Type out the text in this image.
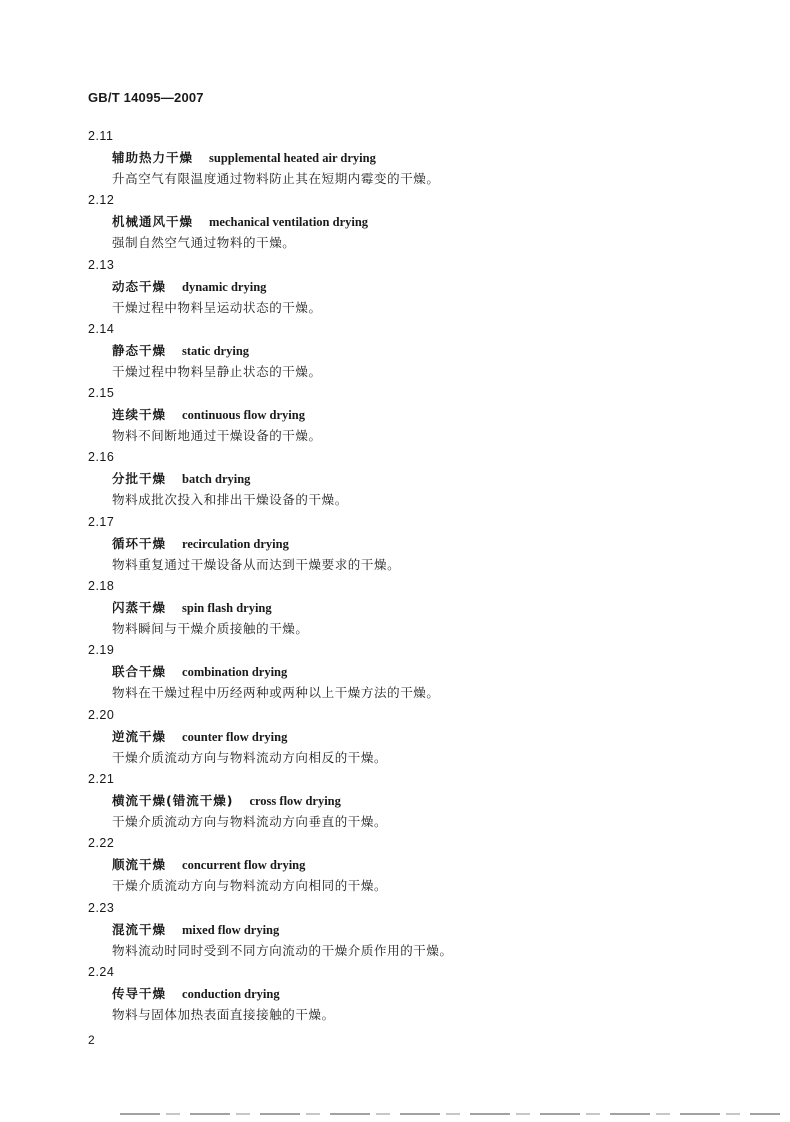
GB/T 14095—2007
2.11
辅助热力干燥 supplemental heated air drying
升高空气有限温度通过物料防止其在短期内霉变的干燥。
2.12
机械通风干燥 mechanical ventilation drying
强制自然空气通过物料的干燥。
2.13
动态干燥 dynamic drying
干燥过程中物料呈运动状态的干燥。
2.14
静态干燥 static drying
干燥过程中物料呈静止状态的干燥。
2.15
连续干燥 continuous flow drying
物料不间断地通过干燥设备的干燥。
2.16
分批干燥 batch drying
物料成批次投入和排出干燥设备的干燥。
2.17
循环干燥 recirculation drying
物料重复通过干燥设备从而达到干燥要求的干燥。
2.18
闪蒸干燥 spin flash drying
物料瞬间与干燥介质接触的干燥。
2.19
联合干燥 combination drying
物料在干燥过程中历经两种或两种以上干燥方法的干燥。
2.20
逆流干燥 counter flow drying
干燥介质流动方向与物料流动方向相反的干燥。
2.21
横流干燥(错流干燥) cross flow drying
干燥介质流动方向与物料流动方向垂直的干燥。
2.22
顺流干燥 concurrent flow drying
干燥介质流动方向与物料流动方向相同的干燥。
2.23
混流干燥 mixed flow drying
物料流动时同时受到不同方向流动的干燥介质作用的干燥。
2.24
传导干燥 conduction drying
物料与固体加热表面直接接触的干燥。
2
